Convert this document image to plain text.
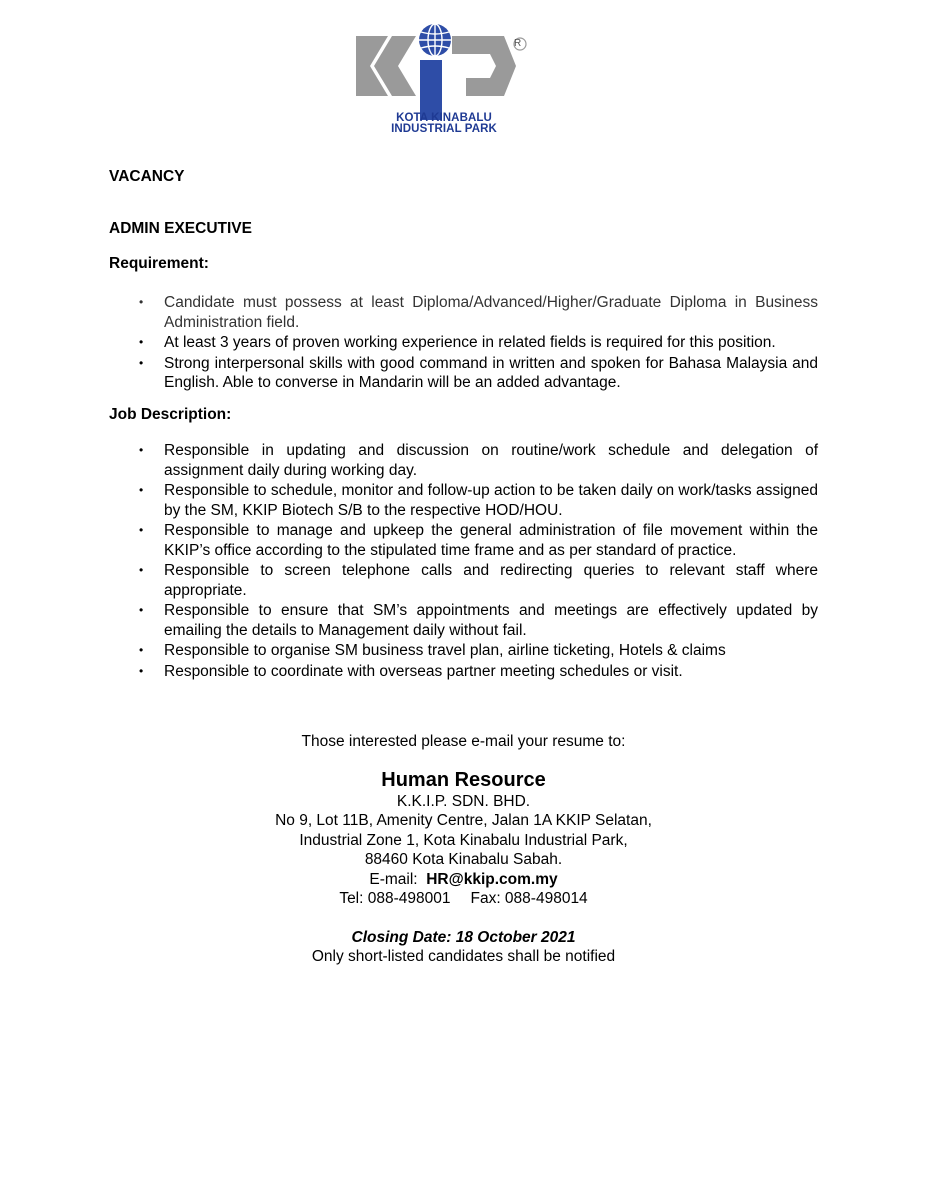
R
KOTA KINABALU
INDUSTRIAL PARK
VACANCY
ADMIN EXECUTIVE
Requirement:
• Candidate must possess at least Diploma/Advanced/Higher/Graduate Diploma in Business Administration field.
• At least 3 years of proven working experience in related fields is required for this position.
• Strong interpersonal skills with good command in written and spoken for Bahasa Malaysia and English. Able to converse in Mandarin will be an added advantage.
Job Description:
• Responsible in updating and discussion on routine/work schedule and delegation of assignment daily during working day.
• Responsible to schedule, monitor and follow-up action to be taken daily on work/tasks assigned by the SM, KKIP Biotech S/B to the respective HOD/HOU.
• Responsible to manage and upkeep the general administration of file movement within the KKIP’s office according to the stipulated time frame and as per standard of practice.
• Responsible to screen telephone calls and redirecting queries to relevant staff where appropriate.
• Responsible to ensure that SM’s appointments and meetings are effectively updated by emailing the details to Management daily without fail.
• Responsible to organise SM business travel plan, airline ticketing, Hotels & claims
• Responsible to coordinate with overseas partner meeting schedules or visit.
Those interested please e-mail your resume to:
Human Resource
K.K.I.P. SDN. BHD.
No 9, Lot 11B, Amenity Centre, Jalan 1A KKIP Selatan,
Industrial Zone 1, Kota Kinabalu Industrial Park,
88460 Kota Kinabalu Sabah.
E-mail: HR@kkip.com.my
Tel: 088-498001 Fax: 088-498014
Closing Date: 18 October 2021
Only short-listed candidates shall be notified
